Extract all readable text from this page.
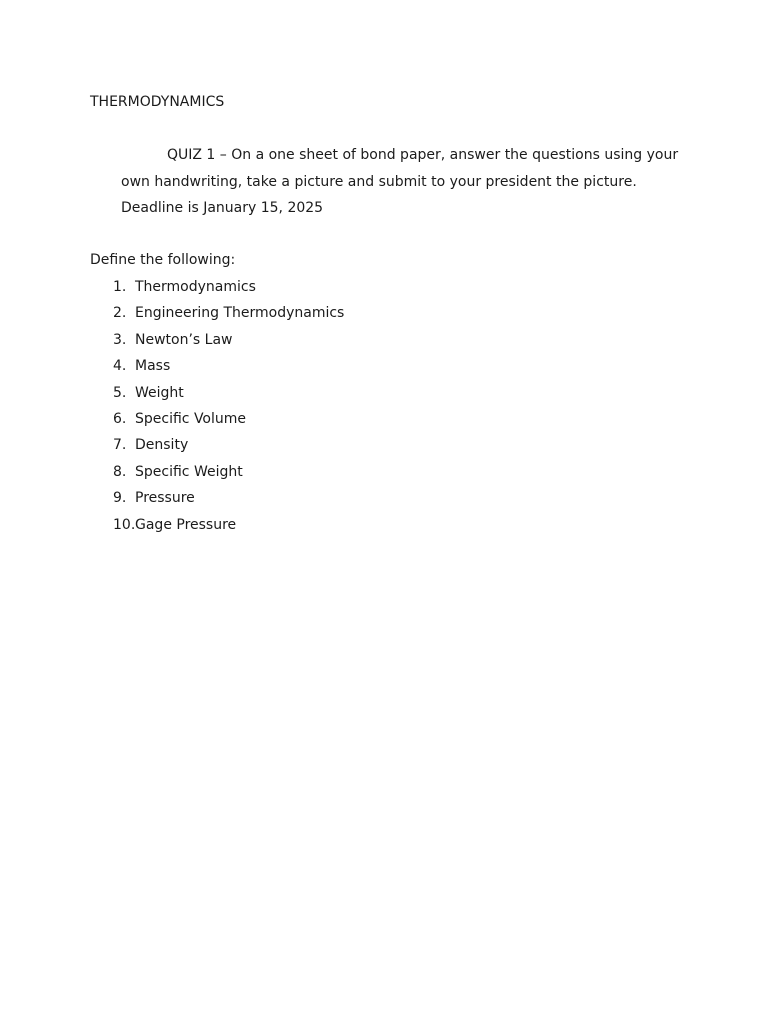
THERMODYNAMICS

QUIZ 1 – On a one sheet of bond paper, answer the questions using your own handwriting, take a picture and submit to your president the picture. Deadline is January 15, 2025

Define the following:

1. Thermodynamics
2. Engineering Thermodynamics
3. Newton’s Law
4. Mass
5. Weight
6. Specific Volume
7. Density
8. Specific Weight
9. Pressure
10. Gage Pressure
